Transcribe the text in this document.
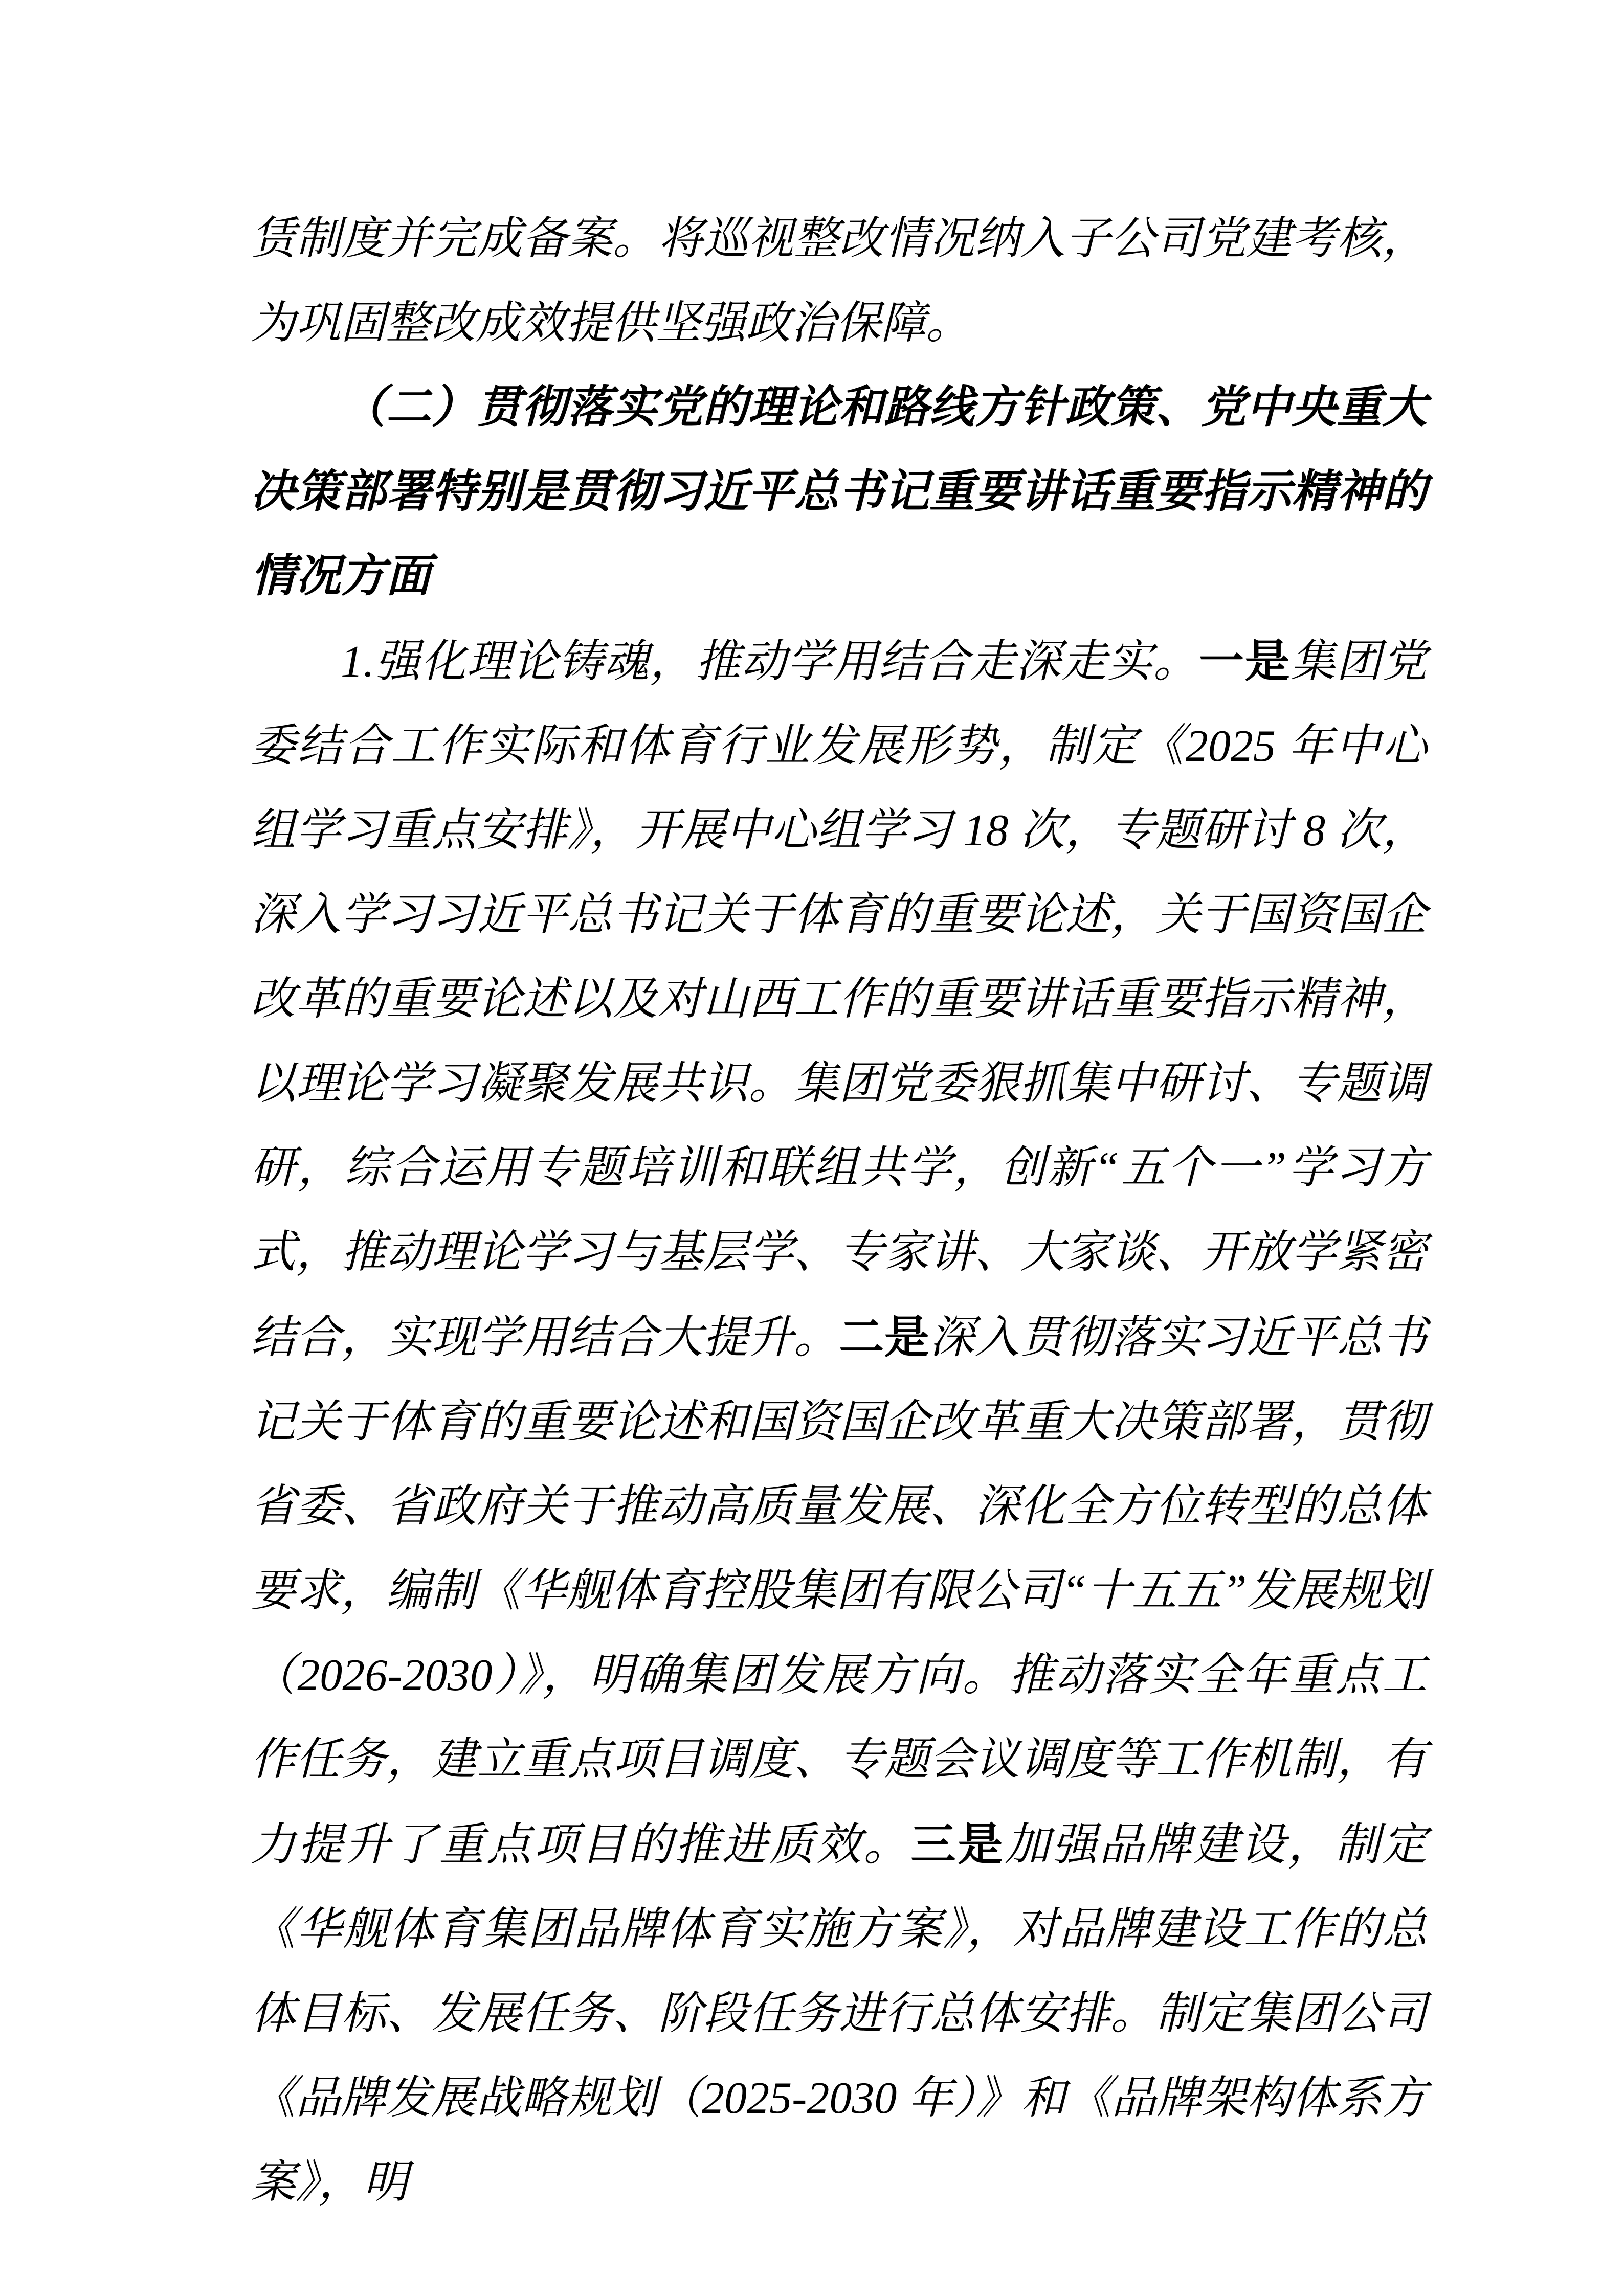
赁制度并完成备案。将巡视整改情况纳入子公司党建考核，为巩固整改成效提供坚强政治保障。

（二）贯彻落实党的理论和路线方针政策、党中央重大决策部署特别是贯彻习近平总书记重要讲话重要指示精神的情况方面

1.强化理论铸魂，推动学用结合走深走实。一是集团党委结合工作实际和体育行业发展形势，制定《2025 年中心组学习重点安排》，开展中心组学习 18 次，专题研讨 8 次，深入学习习近平总书记关于体育的重要论述，关于国资国企改革的重要论述以及对山西工作的重要讲话重要指示精神，以理论学习凝聚发展共识。集团党委狠抓集中研讨、专题调研，综合运用专题培训和联组共学，创新“五个一”学习方式，推动理论学习与基层学、专家讲、大家谈、开放学紧密结合，实现学用结合大提升。二是深入贯彻落实习近平总书记关于体育的重要论述和国资国企改革重大决策部署，贯彻省委、省政府关于推动高质量发展、深化全方位转型的总体要求，编制《华舰体育控股集团有限公司“十五五”发展规划（2026-2030）》，明确集团发展方向。推动落实全年重点工作任务，建立重点项目调度、专题会议调度等工作机制，有力提升了重点项目的推进质效。三是加强品牌建设，制定《华舰体育集团品牌体育实施方案》，对品牌建设工作的总体目标、发展任务、阶段任务进行总体安排。制定集团公司《品牌发展战略规划（2025-2030 年）》和《品牌架构体系方案》，明
